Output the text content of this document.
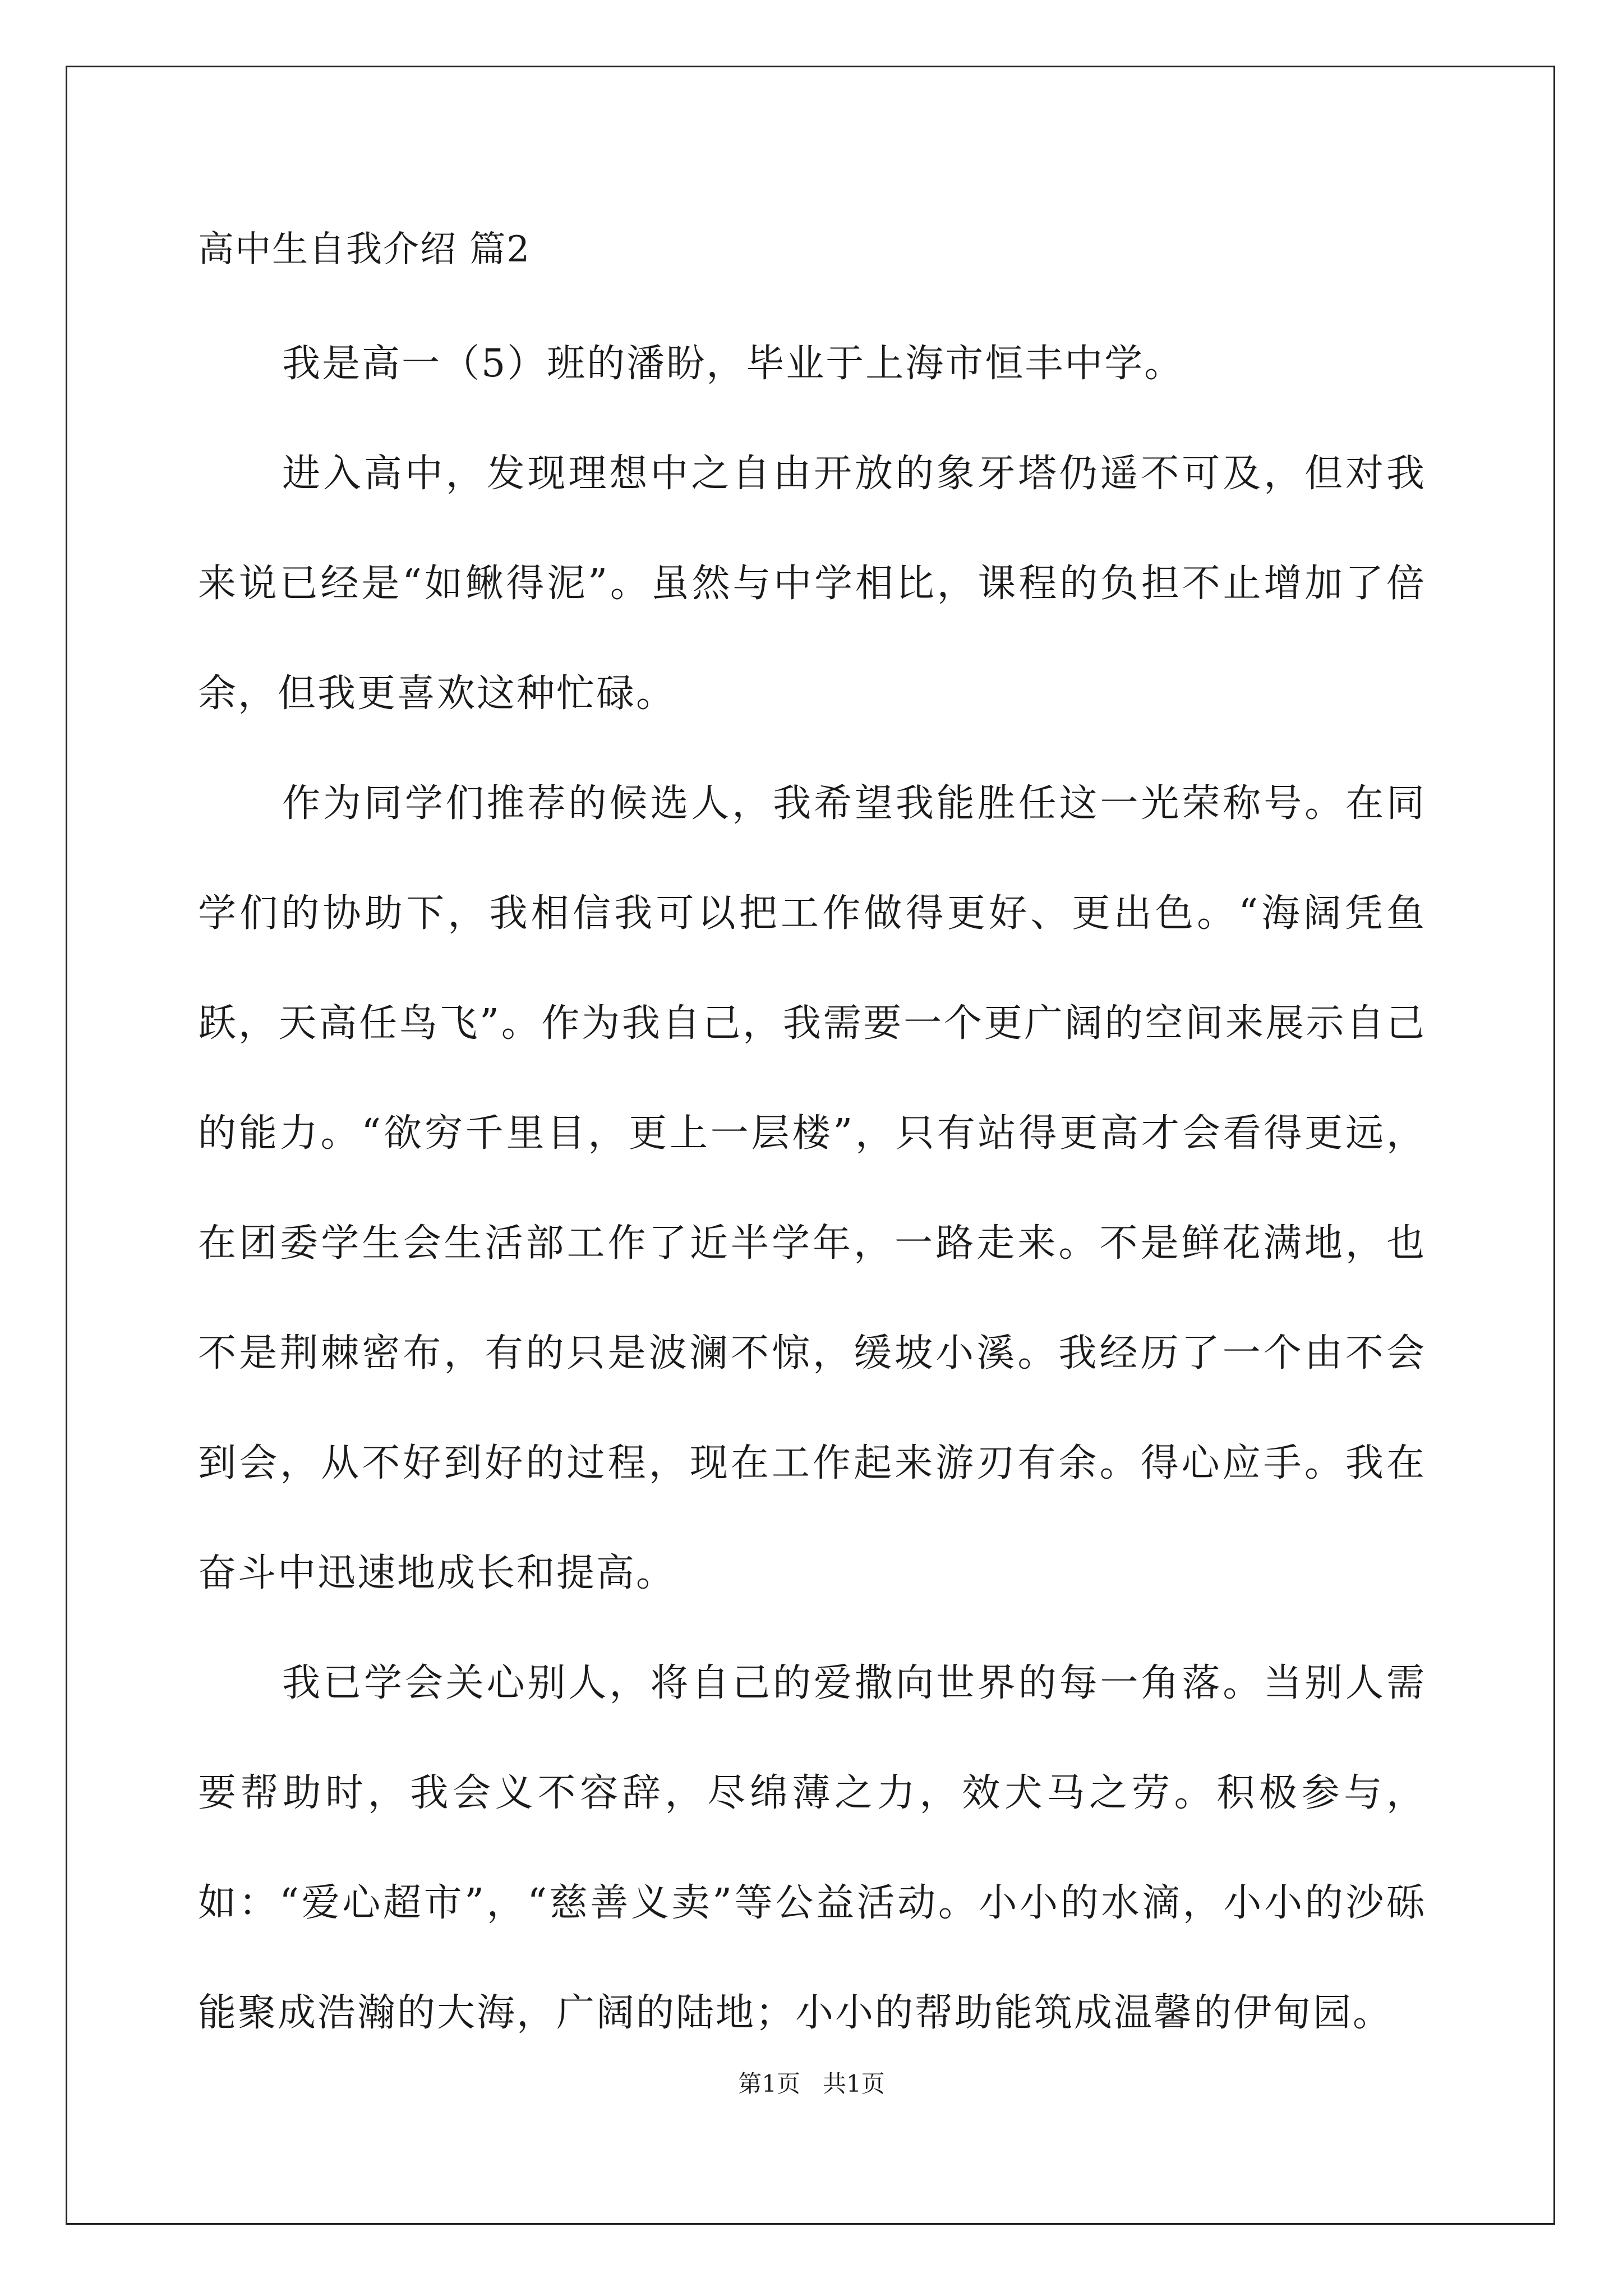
高中生自我介绍 篇2

我是高一（5）班的潘盼，毕业于上海市恒丰中学。

进入高中，发现理想中之自由开放的象牙塔仍遥不可及，但对我来说已经是“如鳅得泥”。虽然与中学相比，课程的负担不止增加了倍余，但我更喜欢这种忙碌。

作为同学们推荐的候选人，我希望我能胜任这一光荣称号。在同学们的协助下，我相信我可以把工作做得更好、更出色。“海阔凭鱼跃，天高任鸟飞”。作为我自己，我需要一个更广阔的空间来展示自己的能力。“欲穷千里目，更上一层楼”，只有站得更高才会看得更远，在团委学生会生活部工作了近半学年，一路走来。不是鲜花满地，也不是荆棘密布，有的只是波澜不惊，缓坡小溪。我经历了一个由不会到会，从不好到好的过程，现在工作起来游刃有余。得心应手。我在奋斗中迅速地成长和提高。

我已学会关心别人，将自己的爱撒向世界的每一角落。当别人需要帮助时，我会义不容辞，尽绵薄之力，效犬马之劳。积极参与，如：“爱心超市”，“慈善义卖”等公益活动。小小的水滴，小小的沙砾能聚成浩瀚的大海，广阔的陆地；小小的帮助能筑成温馨的伊甸园。

第1页   共1页
